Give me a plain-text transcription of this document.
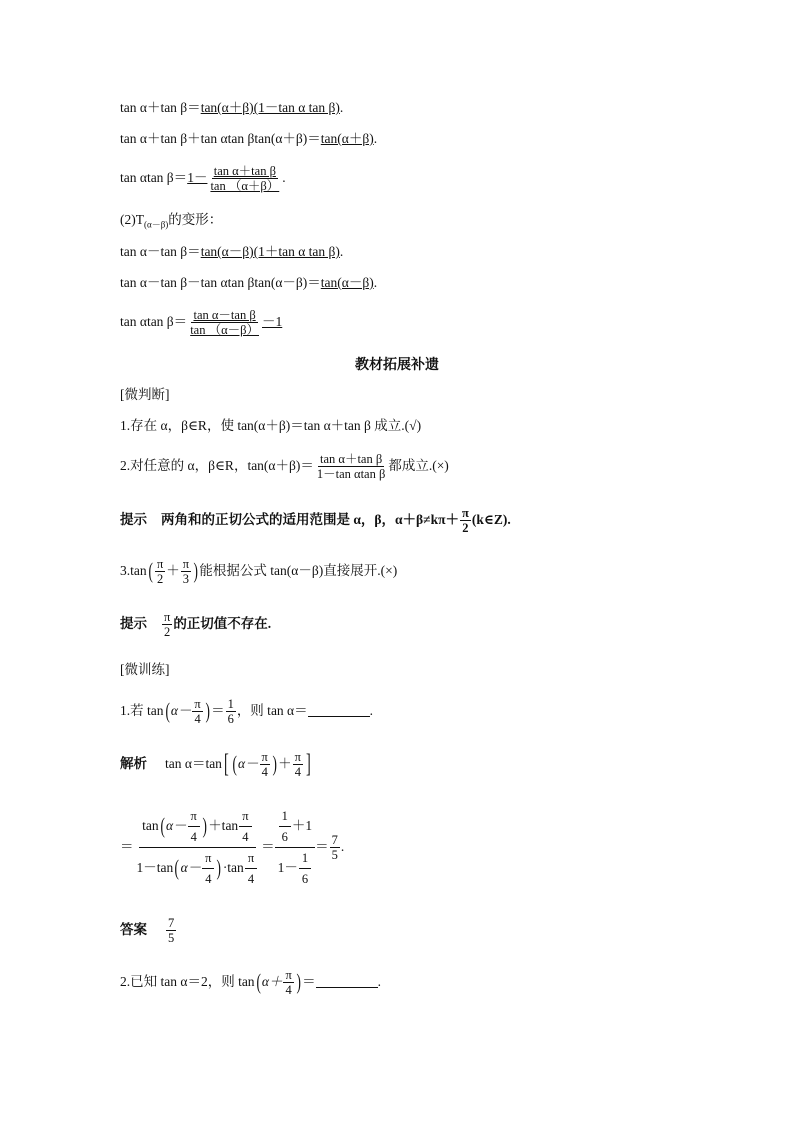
tan α＋tan β＝tan(α＋β)(1－tan α tan β).
tan α＋tan β＋tan αtan βtan(α＋β)＝tan(α＋β).
tan αtan $\beta= 1- \frac{\text{tan α＋tan β}}{\tan (\alpha+\beta)}$ .
$(2)T_{(\alpha-\beta)}$的变形：
tan α－tan β＝tan(α－β)(1＋tan α tan β).
tan α－tan β－tan αtan βtan(α－β)＝tan(α－β).
tan αtan $\beta= \frac{\text{tan α－tan β}}{\tan (\alpha-\beta)} -1$
教材拓展补遗
[微判断]
1.存在 α，β∈R，使 tan(α＋β)＝tan α＋tan β 成立.(√)
2.对任意的 α，β∈R，$\tan(\alpha+\beta)= \frac{\text{tan α＋tan β}}{\text{1－tan αtan β}}$ 都成立.(×)
提示 两角和的正切公式的适用范围是 α，β，$\alpha+\beta\ne k\pi+ \frac{\pi}{2}$ (k∈Z).
3.tan ( $\frac{\pi}{2} + \frac{\pi}{3}$ ) 能根据公式 tan(α－β)直接展开.(×)
提示 $\frac{\pi}{2}$ 的正切值不存在.
[微训练]
1.若 tan ( $\alpha- \frac{\pi}{4}$ ) ＝ $\frac{1}{6}$ ，则 tan α＝	.
解析 tan α＝tan [ ( $\alpha- \frac{\pi}{4}$ ) ＋ $\frac{\pi}{4}$ ]
＝
tan ( $\alpha- \frac{\pi}{4}$ ) $+\tan \frac{\pi}{4}$
1－tan ( $\alpha- \frac{\pi}{4}$ ) $\cdot\tan \frac{\pi}{4}$
＝ $\frac{\frac{1}{6} +1}{1- \frac{1}{6}} = \frac{7}{5}$ .
答案 $\frac{7}{5}$
2.已知 tan α＝2，则 tan ( $\alpha+ \frac{\pi}{4}$ ) ＝	.
